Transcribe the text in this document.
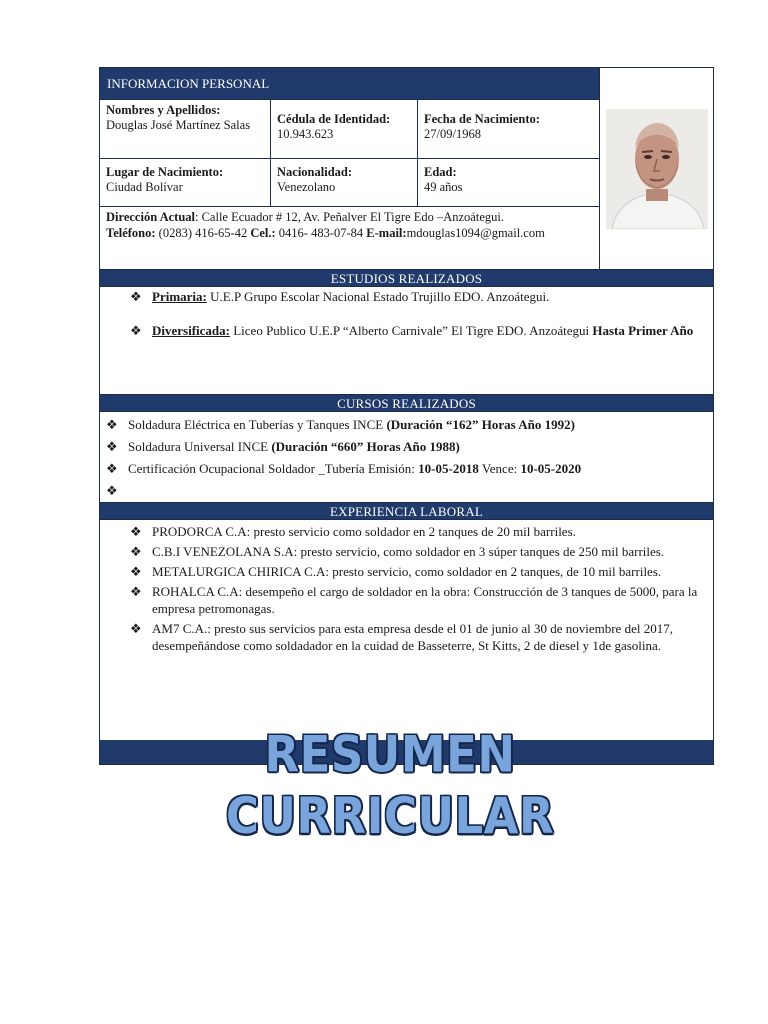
INFORMACION PERSONAL
Nombres y Apellidos:
Douglas José Martínez Salas	Cédula de Identidad:
10.943.623
Fecha de Nacimiento:
27/09/1968
Lugar de Nacimiento:
Ciudad Bolívar
Nacionalidad:
Venezolano
Edad:
49 años
Dirección Actual: Calle Ecuador # 12, Av. Peñalver El Tigre Edo –Anzoátegui.
Teléfono: (0283) 416-65-42 Cel.: 0416- 483-07-84 E-mail:mdouglas1094@gmail.com
ESTUDIOS REALIZADOS
❖ Primaria: U.E.P Grupo Escolar Nacional Estado Trujillo EDO. Anzoátegui.
❖ Diversificada: Liceo Publico U.E.P “Alberto Carnivale” El Tigre EDO. Anzoátegui Hasta Primer Año
CURSOS REALIZADOS
❖ Soldadura Eléctrica en Tuberías y Tanques INCE (Duración “162” Horas Año 1992)
❖ Soldadura Universal INCE (Duración “660” Horas Año 1988)
❖ Certificación Ocupacional Soldador _Tubería Emisión: 10-05-2018 Vence: 10-05-2020
❖
EXPERIENCIA LABORAL
❖ PRODORCA C.A: presto servicio como soldador en 2 tanques de 20 mil barriles.
❖ C.B.I VENEZOLANA S.A: presto servicio, como soldador en 3 súper tanques de 250 mil barriles.
❖ METALURGICA CHIRICA C.A: presto servicio, como soldador en 2 tanques, de 10 mil barriles.
❖ ROHALCA C.A: desempeño el cargo de soldador en la obra: Construcción de 3 tanques de 5000, para la empresa petromonagas.
❖ AM7 C.A.: presto sus servicios para esta empresa desde el 01 de junio al 30 de noviembre del 2017, desempeñándose como soldadador en la cuidad de Basseterre, St Kitts, 2 de diesel y 1de gasolina.
RESUMEN CURRICULAR
